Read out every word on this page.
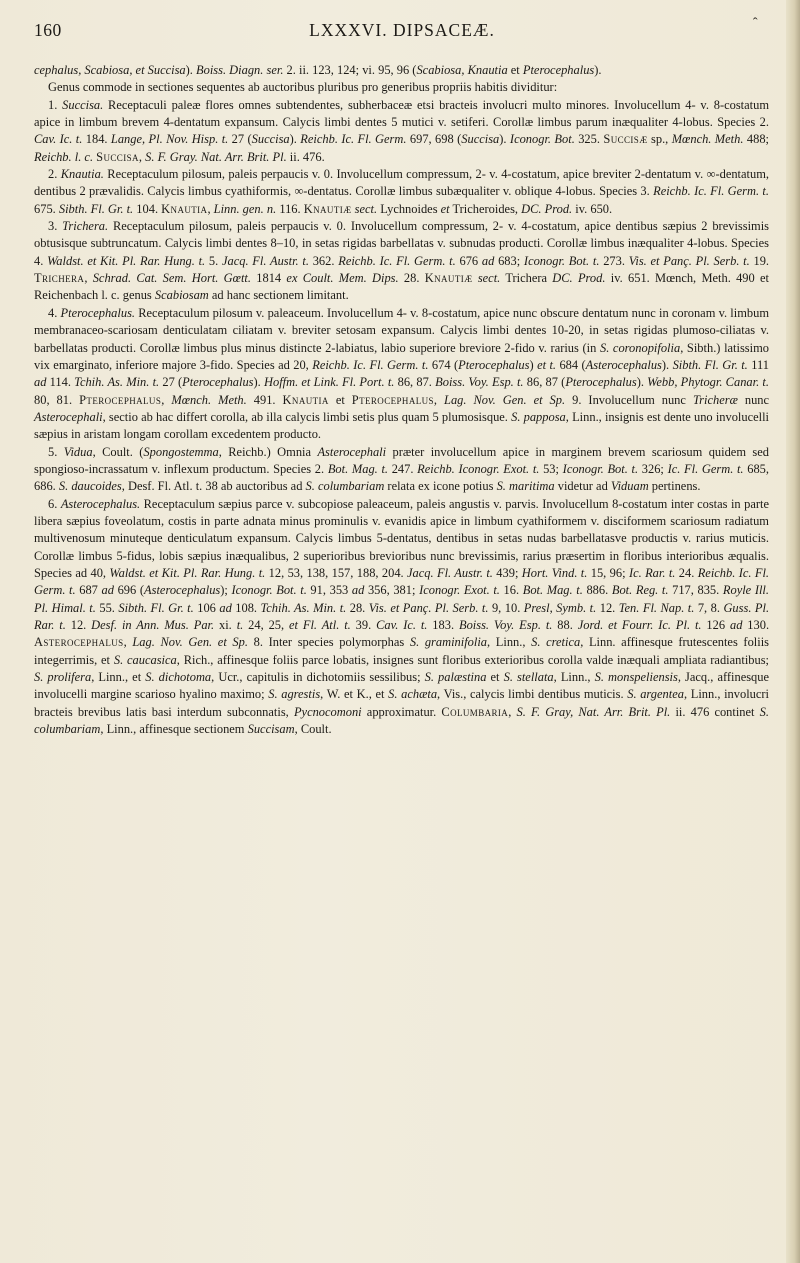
160	LXXXVI. DIPSACEÆ.	ˆ

cephalus, Scabiosa, et Succisa). Boiss. Diagn. ser. 2. ii. 123, 124; vi. 95, 96 (Scabiosa, Knautia et Pterocephalus).

Genus commode in sectiones sequentes ab auctoribus pluribus pro generibus propriis habitis dividitur:

1. Succisa. Receptaculi paleæ flores omnes subtendentes, subherbaceæ etsi bracteis involucri multo minores. Involucellum 4- v. 8-costatum apice in limbum brevem 4-dentatum expansum. Calycis limbi dentes 5 mutici v. setiferi. Corollæ limbus parum inæqualiter 4-lobus. Species 2. Cav. Ic. t. 184. Lange, Pl. Nov. Hisp. t. 27 (Succisa). Reichb. Ic. Fl. Germ. 697, 698 (Succisa). Iconogr. Bot. 325. Succisæ sp., Mœnch. Meth. 488; Reichb. l. c. Succisa, S. F. Gray. Nat. Arr. Brit. Pl. ii. 476.

2. Knautia. Receptaculum pilosum, paleis perpaucis v. 0. Involucellum compressum, 2- v. 4-costatum, apice breviter 2-dentatum v. ∞-dentatum, dentibus 2 prævalidis. Calycis limbus cyathiformis, ∞-dentatus. Corollæ limbus subæqualiter v. oblique 4-lobus. Species 3. Reichb. Ic. Fl. Germ. t. 675. Sibth. Fl. Gr. t. 104. Knautia, Linn. gen. n. 116. Knautiæ sect. Lychnoides et Tricheroides, DC. Prod. iv. 650.

3. Trichera. Receptaculum pilosum, paleis perpaucis v. 0. Involucellum compressum, 2- v. 4-costatum, apice dentibus sæpius 2 brevissimis obtusisque subtruncatum. Calycis limbi dentes 8–10, in setas rigidas barbellatas v. subnudas producti. Corollæ limbus inæqualiter 4-lobus. Species 4. Waldst. et Kit. Pl. Rar. Hung. t. 5. Jacq. Fl. Austr. t. 362. Reichb. Ic. Fl. Germ. t. 676 ad 683; Iconogr. Bot. t. 273. Vis. et Panç. Pl. Serb. t. 19. Trichera, Schrad. Cat. Sem. Hort. Gœtt. 1814 ex Coult. Mem. Dips. 28. Knautiæ sect. Trichera DC. Prod. iv. 651. Mœnch, Meth. 490 et Reichenbach l. c. genus Scabiosam ad hanc sectionem limitant.

4. Pterocephalus. Receptaculum pilosum v. paleaceum. Involucellum 4- v. 8-costatum, apice nunc obscure dentatum nunc in coronam v. limbum membranaceo-scariosam denticulatam ciliatam v. breviter setosam expansum. Calycis limbi dentes 10-20, in setas rigidas plumoso-ciliatas v. barbellatas producti. Corollæ limbus plus minus distincte 2-labiatus, labio superiore breviore 2-fido v. rarius (in S. coronopifolia, Sibth.) latissimo vix emarginato, inferiore majore 3-fido. Species ad 20, Reichb. Ic. Fl. Germ. t. 674 (Pterocephalus) et t. 684 (Asterocephalus). Sibth. Fl. Gr. t. 111 ad 114. Tchih. As. Min. t. 27 (Pterocephalus). Hoffm. et Link. Fl. Port. t. 86, 87. Boiss. Voy. Esp. t. 86, 87 (Pterocephalus). Webb, Phytogr. Canar. t. 80, 81. Pterocephalus, Mœnch. Meth. 491. Knautia et Pterocephalus, Lag. Nov. Gen. et Sp. 9. Involucellum nunc Tricheræ nunc Asterocephali, sectio ab hac differt corolla, ab illa calycis limbi setis plus quam 5 plumosisque. S. papposa, Linn., insignis est dente uno involucelli sæpius in aristam longam corollam excedentem producto.

5. Vidua, Coult. (Spongostemma, Reichb.) Omnia Asterocephali præter involucellum apice in marginem brevem scariosum quidem sed spongioso-incrassatum v. inflexum productum. Species 2. Bot. Mag. t. 247. Reichb. Iconogr. Exot. t. 53; Iconogr. Bot. t. 326; Ic. Fl. Germ. t. 685, 686. S. daucoides, Desf. Fl. Atl. t. 38 ab auctoribus ad S. columbariam relata ex icone potius S. maritima videtur ad Viduam pertinens.

6. Asterocephalus. Receptaculum sæpius parce v. subcopiose paleaceum, paleis angustis v. parvis. Involucellum 8-costatum inter costas in parte libera sæpius foveolatum, costis in parte adnata minus prominulis v. evanidis apice in limbum cyathiformem v. disciformem scariosum radiatum multivenosum minuteque denticulatum expansum. Calycis limbus 5-dentatus, dentibus in setas nudas barbellatasve productis v. rarius muticis. Corollæ limbus 5-fidus, lobis sæpius inæqualibus, 2 superioribus brevioribus nunc brevissimis, rarius præsertim in floribus interioribus æqualis. Species ad 40, Waldst. et Kit. Pl. Rar. Hung. t. 12, 53, 138, 157, 188, 204. Jacq. Fl. Austr. t. 439; Hort. Vind. t. 15, 96; Ic. Rar. t. 24. Reichb. Ic. Fl. Germ. t. 687 ad 696 (Asterocephalus); Iconogr. Bot. t. 91, 353 ad 356, 381; Iconogr. Exot. t. 16. Bot. Mag. t. 886. Bot. Reg. t. 717, 835. Royle Ill. Pl. Himal. t. 55. Sibth. Fl. Gr. t. 106 ad 108. Tchih. As. Min. t. 28. Vis. et Panç. Pl. Serb. t. 9, 10. Presl, Symb. t. 12. Ten. Fl. Nap. t. 7, 8. Guss. Pl. Rar. t. 12. Desf. in Ann. Mus. Par. xi. t. 24, 25, et Fl. Atl. t. 39. Cav. Ic. t. 183. Boiss. Voy. Esp. t. 88. Jord. et Fourr. Ic. Pl. t. 126 ad 130. Asterocephalus, Lag. Nov. Gen. et Sp. 8. Inter species polymorphas S. graminifolia, Linn., S. cretica, Linn. affinesque frutescentes foliis integerrimis, et S. caucasica, Rich., affinesque foliis parce lobatis, insignes sunt floribus exterioribus corolla valde inæquali ampliata radiantibus; S. prolifera, Linn., et S. dichotoma, Ucr., capitulis in dichotomiis sessilibus; S. palæstina et S. stellata, Linn., S. monspeliensis, Jacq., affinesque involucelli margine scarioso hyalino maximo; S. agrestis, W. et K., et S. achæta, Vis., calycis limbi dentibus muticis. S. argentea, Linn., involucri bracteis brevibus latis basi interdum subconnatis, Pycnocomoni approximatur. Columbaria, S. F. Gray, Nat. Arr. Brit. Pl. ii. 476 continet S. columbariam, Linn., affinesque sectionem Succisam, Coult.
